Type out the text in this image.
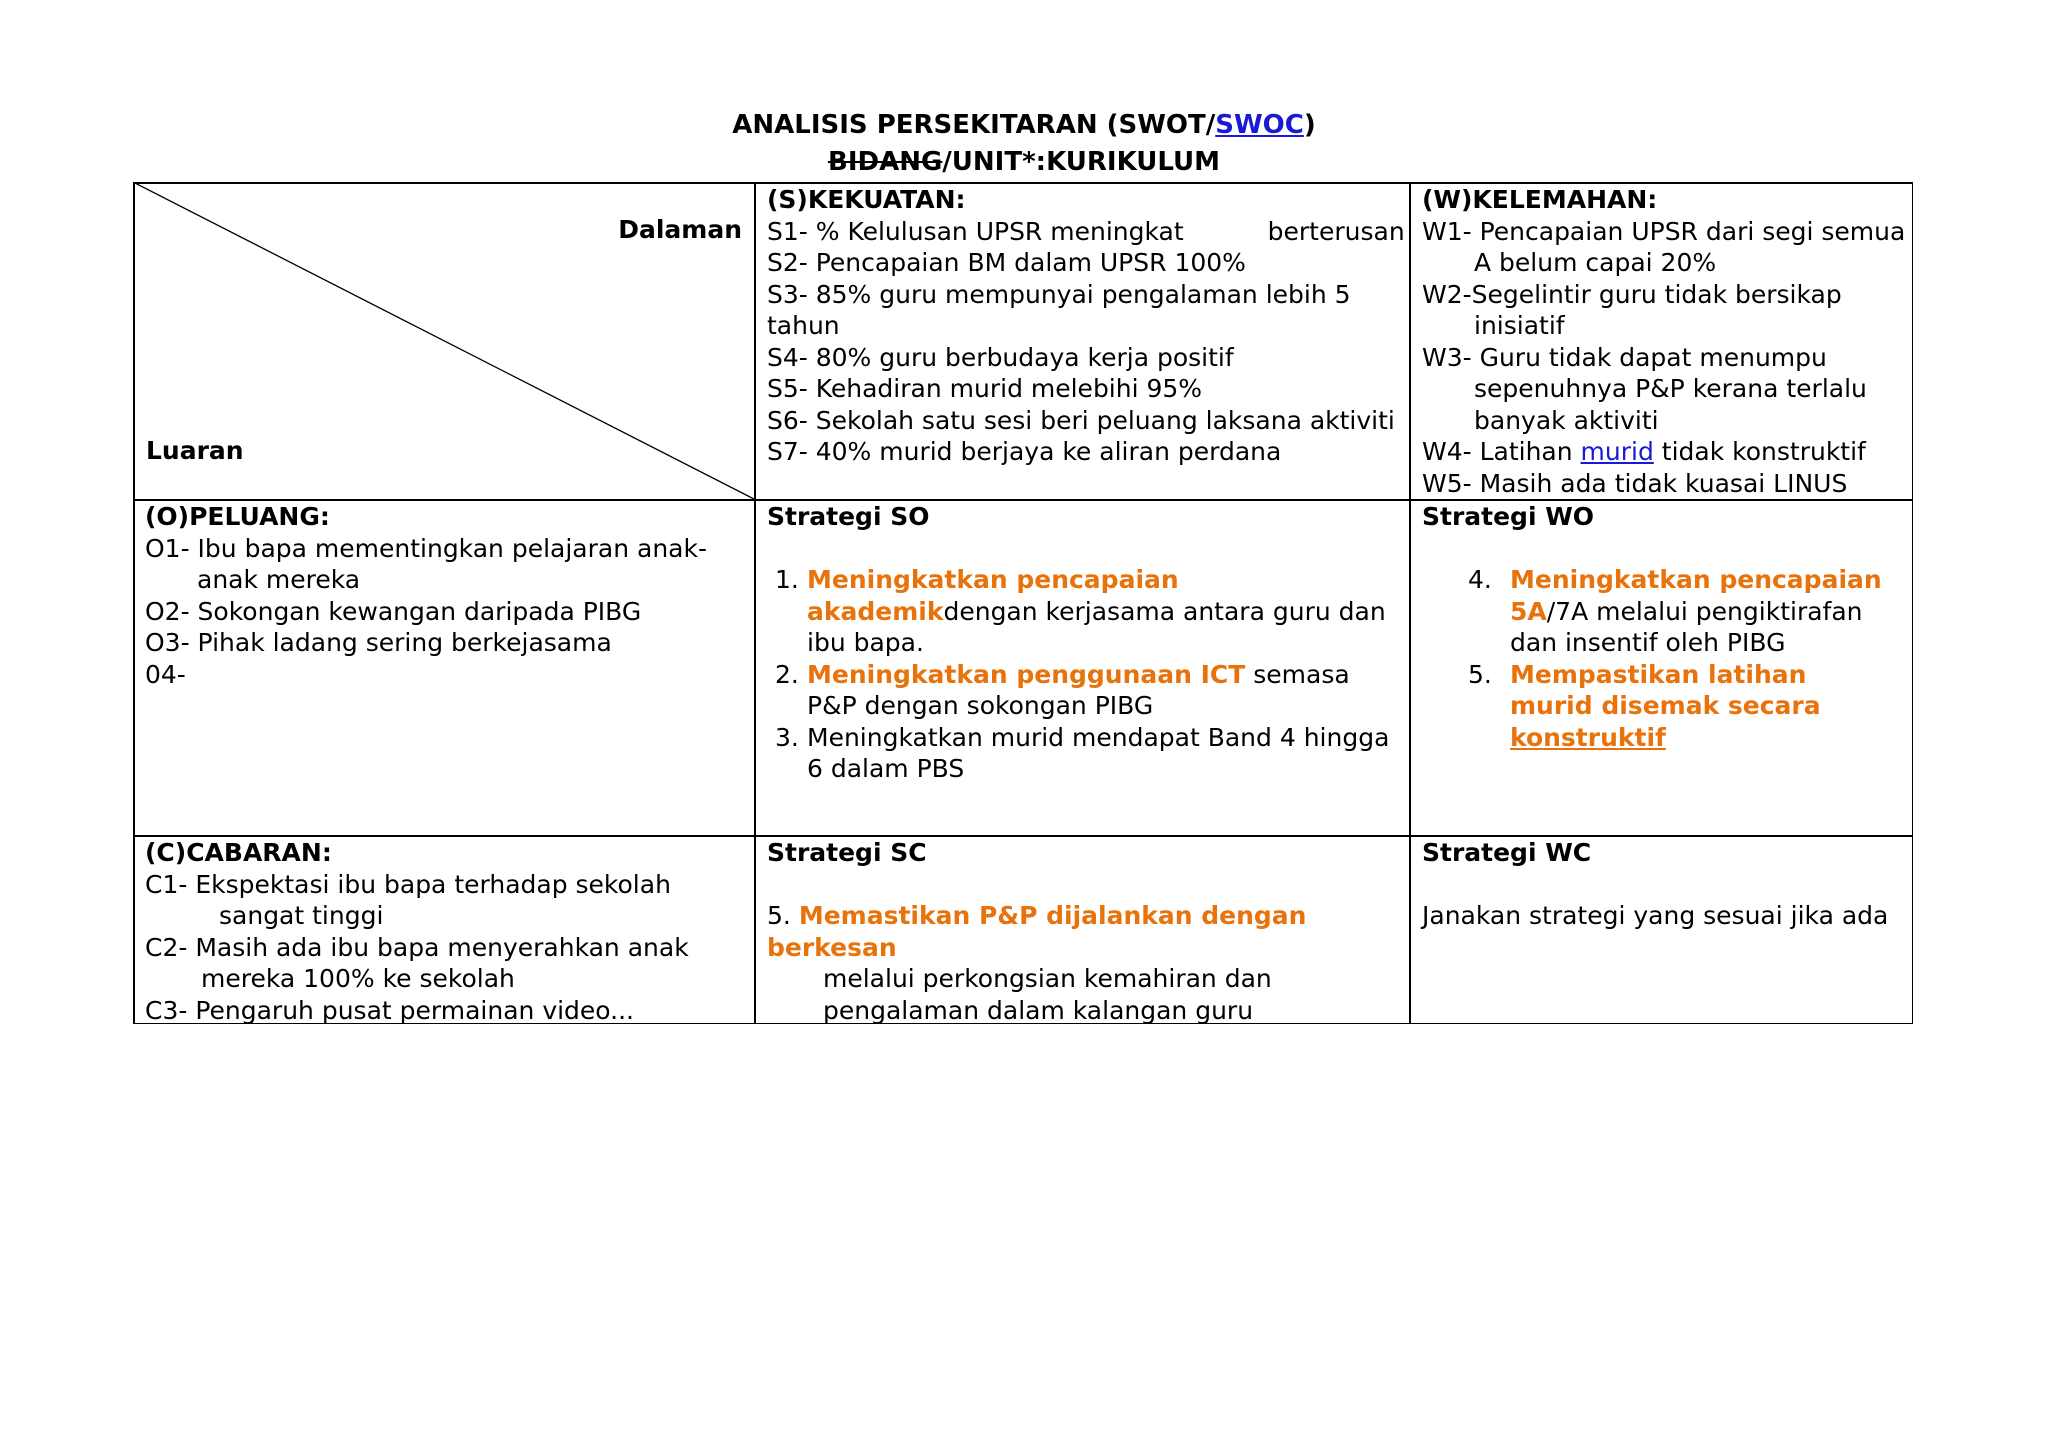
ANALISIS PERSEKITARAN (SWOT/SWOC)
BIDANG/UNIT*:KURIKULUM
Dalaman
Luaran
(S)KEKUATAN:
S1- % Kelulusan UPSR meningkat	berterusan
S2- Pencapaian BM dalam UPSR 100%
S3- 85% guru mempunyai pengalaman lebih 5 tahun
S4- 80% guru berbudaya kerja positif
S5- Kehadiran murid melebihi 95%
S6- Sekolah satu sesi beri peluang laksana aktiviti
S7- 40% murid berjaya ke aliran perdana
(W)KELEMAHAN:
W1- Pencapaian UPSR dari segi semua
A belum capai 20%
W2-Segelintir guru tidak bersikap
inisiatif
W3- Guru tidak dapat menumpu
sepenuhnya P&P kerana terlalu
banyak aktiviti
W4- Latihan murid tidak konstruktif
W5- Masih ada tidak kuasai LINUS
(O)PELUANG:
O1- Ibu bapa mementingkan pelajaran anak-
anak mereka
O2- Sokongan kewangan daripada PIBG
O3- Pihak ladang sering berkejasama
04-
Strategi SO
1. Meningkatkan pencapaian akademikdengan kerjasama antara guru dan ibu bapa.
2. Meningkatkan penggunaan ICT semasa P&P dengan sokongan PIBG
3. Meningkatkan murid mendapat Band 4 hingga 6 dalam PBS
Strategi WO
4. Meningkatkan pencapaian
5A/7A melalui pengiktirafan dan insentif oleh PIBG
5. Mempastikan latihan murid disemak secara konstruktif
(C)CABARAN:
C1- Ekspektasi ibu bapa terhadap sekolah
sangat tinggi
C2- Masih ada ibu bapa menyerahkan anak
mereka 100% ke sekolah
C3- Pengaruh pusat permainan video...
Strategi SC
5. Memastikan P&P dijalankan dengan berkesan
melalui perkongsian kemahiran dan
pengalaman dalam kalangan guru
Strategi WC
Janakan strategi yang sesuai jika ada
